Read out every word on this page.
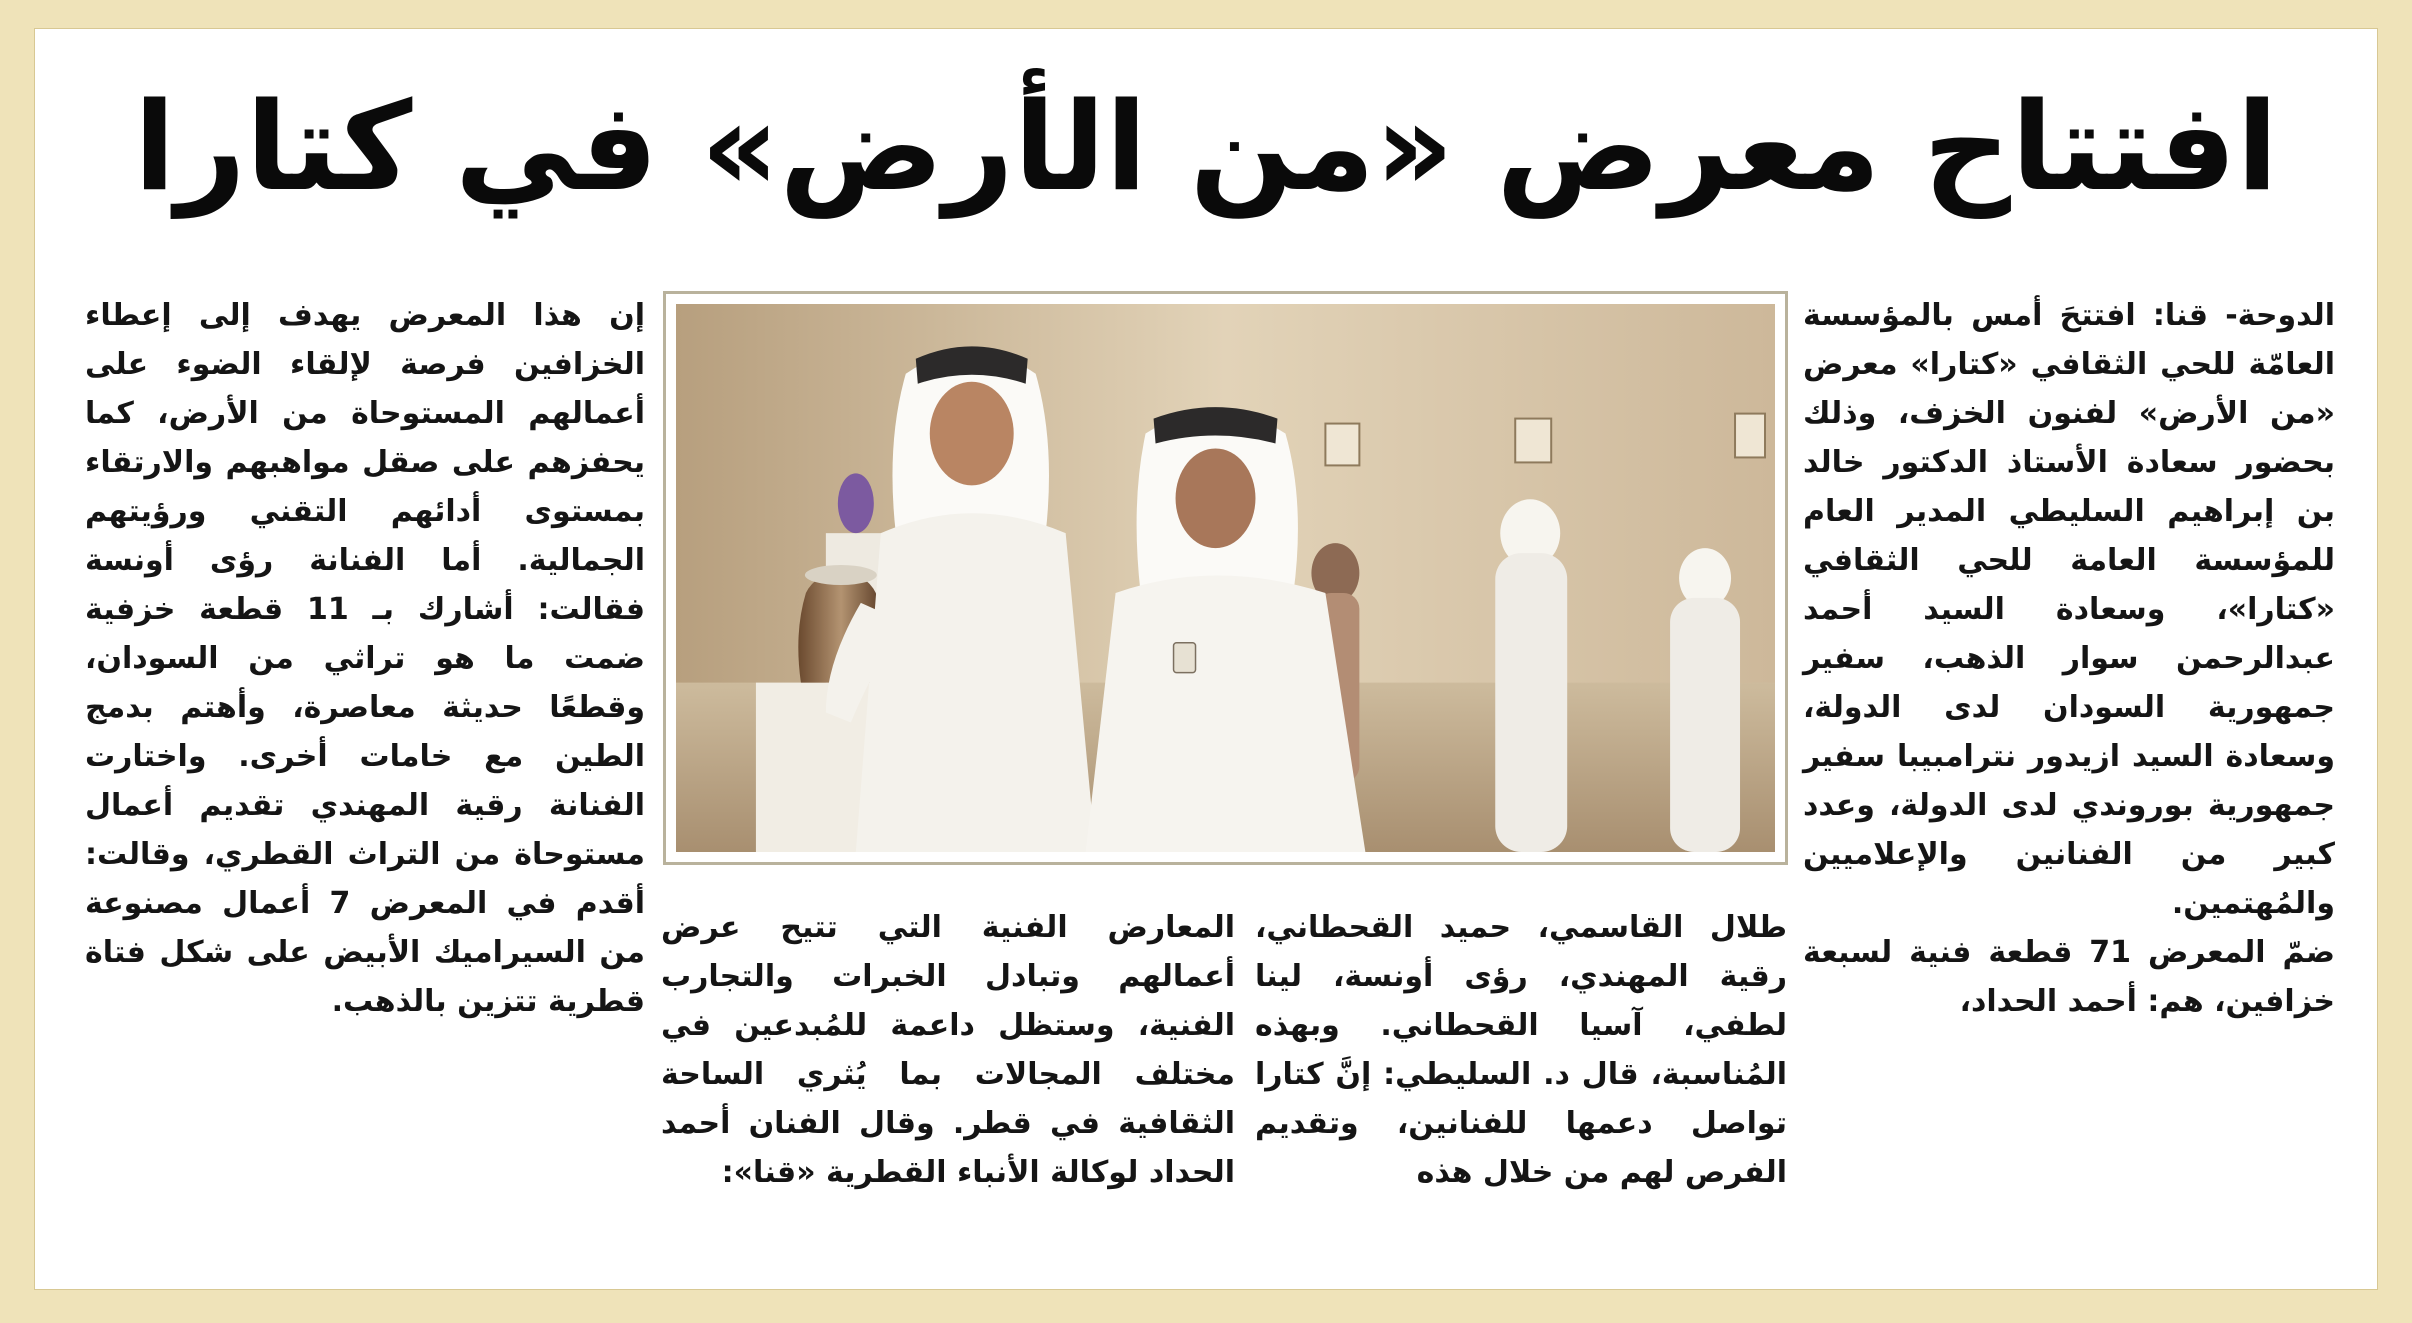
افتتاح معرض «من الأرض» في كتارا

الدوحة- قنا: افتتحَ أمس بالمؤسسة العامّة للحي الثقافي «كتارا» معرض «من الأرض» لفنون الخزف، وذلك بحضور سعادة الأستاذ الدكتور خالد بن إبراهيم السليطي المدير العام للمؤسسة العامة للحي الثقافي «كتارا»، وسعادة السيد أحمد عبدالرحمن سوار الذهب، سفير جمهورية السودان لدى الدولة، وسعادة السيد ازيدور نترامبيبا سفير جمهورية بوروندي لدى الدولة، وعدد كبير من الفنانين والإعلاميين والمُهتمين.

ضمّ المعرض 71 قطعة فنية لسبعة خزافين، هم: أحمد الحداد،

طلال القاسمي، حميد القحطاني، رقية المهندي، رؤى أونسة، لينا لطفي، آسيا القحطاني. وبهذه المُناسبة، قال د. السليطي: إنَّ كتارا تواصل دعمها للفنانين، وتقديم الفرص لهم من خلال هذه

المعارض الفنية التي تتيح عرض أعمالهم وتبادل الخبرات والتجارب الفنية، وستظل داعمة للمُبدعين في مختلف المجالات بما يُثري الساحة الثقافية في قطر. وقال الفنان أحمد الحداد لوكالة الأنباء القطرية «قنا»:

إن هذا المعرض يهدف إلى إعطاء الخزافين فرصة لإلقاء الضوء على أعمالهم المستوحاة من الأرض، كما يحفزهم على صقل مواهبهم والارتقاء بمستوى أدائهم التقني ورؤيتهم الجمالية. أما الفنانة رؤى أونسة فقالت: أشارك بـ 11 قطعة خزفية ضمت ما هو تراثي من السودان، وقطعًا حديثة معاصرة، وأهتم بدمج الطين مع خامات أخرى. واختارت الفنانة رقية المهندي تقديم أعمال مستوحاة من التراث القطري، وقالت: أقدم في المعرض 7 أعمال مصنوعة من السيراميك الأبيض على شكل فتاة قطرية تتزين بالذهب.
